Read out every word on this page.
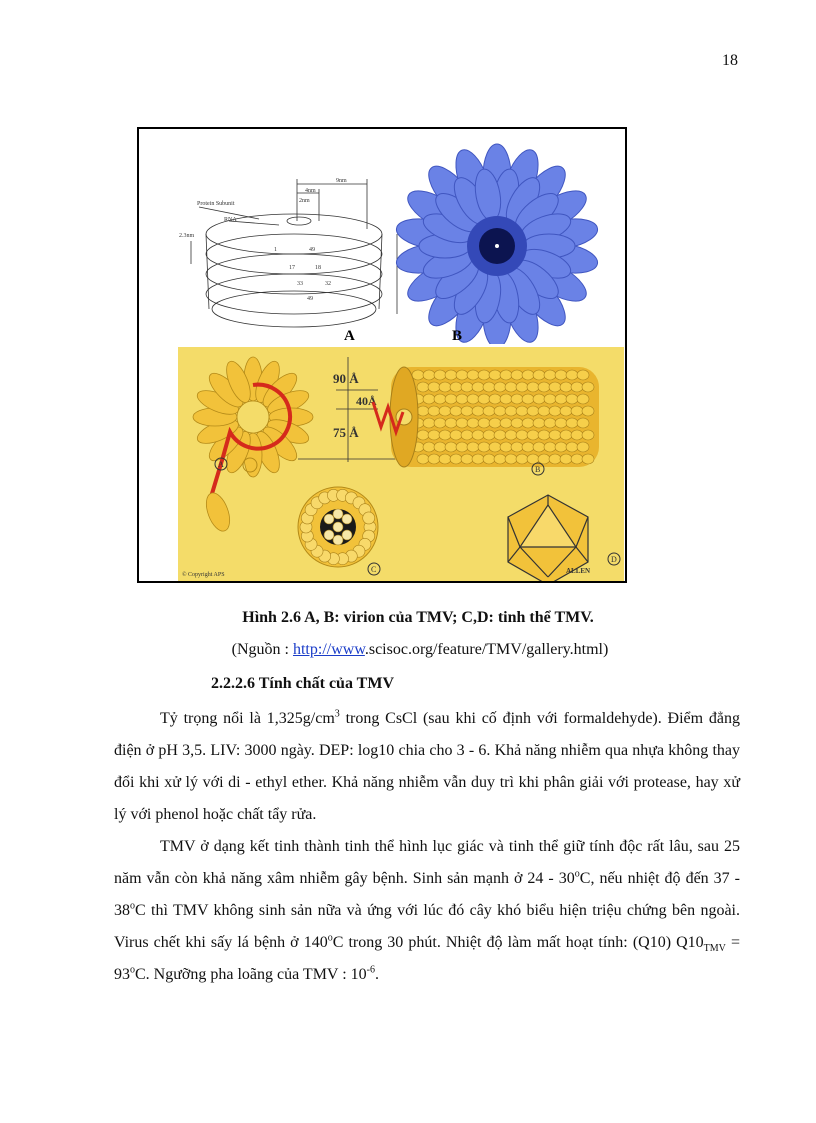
18
9nm
4nm
2nm
2.3nm
Protein Subunit
RNA
1	49
17	18
33	32
49
A	B
90 Å
40Å
75 Å
A
B
C
D
ALLEN
© Copyright APS
Hình 2.6 A, B: virion của TMV; C,D: tinh thể TMV.
(Nguồn : http://www.scisoc.org/feature/TMV/gallery.html)
2.2.2.6 Tính chất của TMV
Tỷ trọng nổi là $1,325g/cm^3$ trong CsCl (sau khi cố định với formaldehyde). Điểm đẳng điện ở pH 3,5. LIV: 3000 ngày. DEP: log10 chia cho 3 - 6. Khả năng nhiễm qua nhựa không thay đổi khi xử lý với di - ethyl ether. Khả năng nhiễm vẫn duy trì khi phân giải với protease, hay xử lý với phenol hoặc chất tẩy rửa.
TMV ở dạng kết tinh thành tinh thể hình lục giác và tinh thể giữ tính độc rất lâu, sau 25 năm vẫn còn khả năng xâm nhiễm gây bệnh. Sinh sản mạnh ở 24 - 30$^o$C, nếu nhiệt độ đến 37 - 38$^o$C thì TMV không sinh sản nữa và ứng với lúc đó cây khó biểu hiện triệu chứng bên ngoài. Virus chết khi sấy lá bệnh ở 140$^o$C trong 30 phút. Nhiệt độ làm mất hoạt tính: (Q10) $Q10_{TMV} = 93^oC$. Ngưỡng pha loãng của TMV : $10^{-6}$.
